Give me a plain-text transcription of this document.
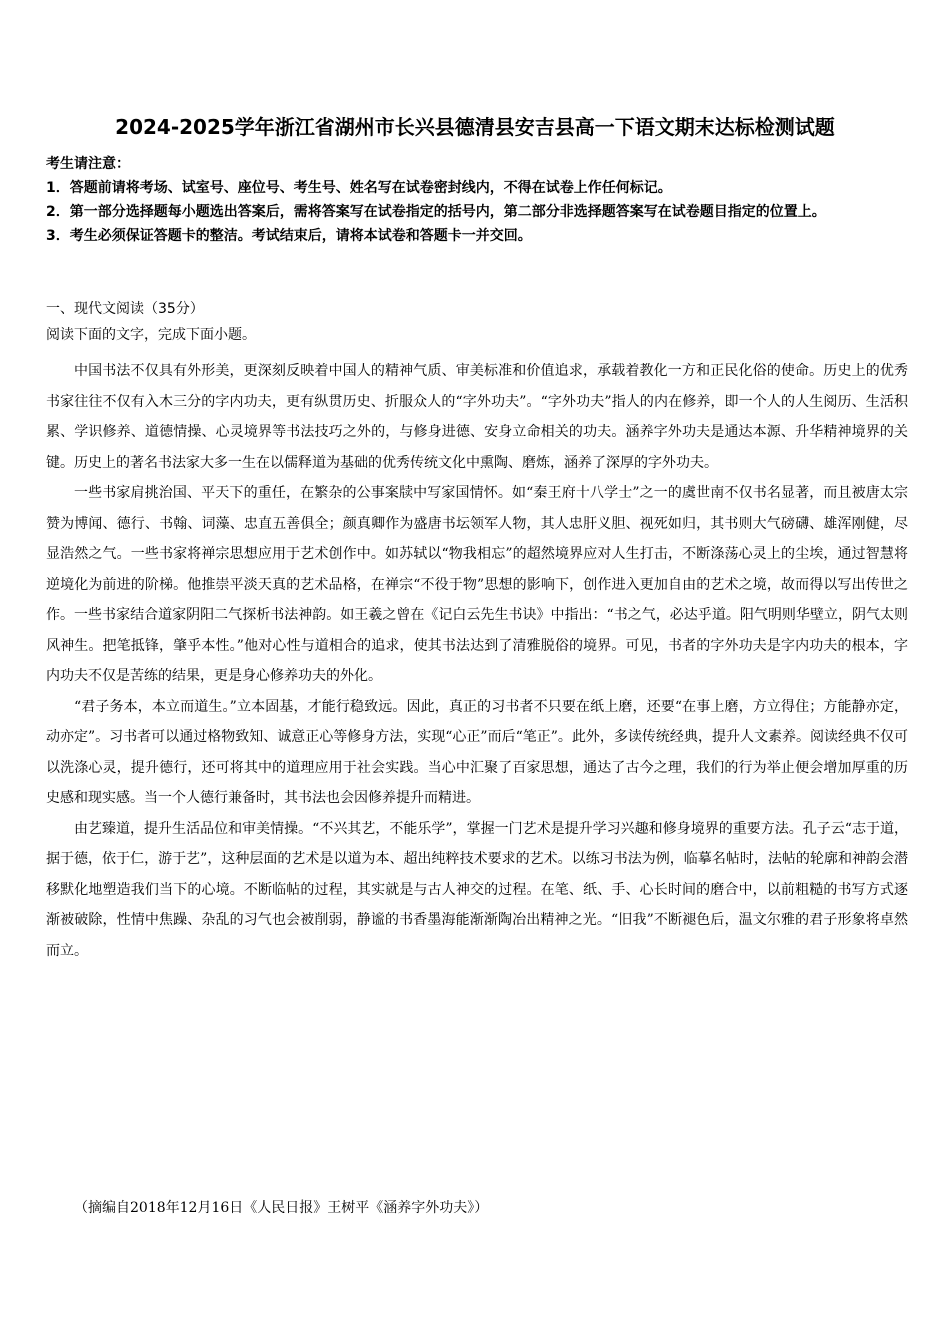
2024-2025学年浙江省湖州市长兴县德清县安吉县高一下语文期末达标检测试题
考生请注意：
1．答题前请将考场、试室号、座位号、考生号、姓名写在试卷密封线内，不得在试卷上作任何标记。
2．第一部分选择题每小题选出答案后，需将答案写在试卷指定的括号内，第二部分非选择题答案写在试卷题目指定的位置上。
3．考生必须保证答题卡的整洁。考试结束后，请将本试卷和答题卡一并交回。
一、现代文阅读（35分）
阅读下面的文字，完成下面小题。

中国书法不仅具有外形美，更深刻反映着中国人的精神气质、审美标准和价值追求，承载着教化一方和正民化俗的使命。历史上的优秀书家往往不仅有入木三分的字内功夫，更有纵贯历史、折服众人的“字外功夫”。“字外功夫”指人的内在修养，即一个人的人生阅历、生活积累、学识修养、道德情操、心灵境界等书法技巧之外的，与修身进德、安身立命相关的功夫。涵养字外功夫是通达本源、升华精神境界的关键。历史上的著名书法家大多一生在以儒释道为基础的优秀传统文化中熏陶、磨炼，涵养了深厚的字外功夫。

一些书家肩挑治国、平天下的重任，在繁杂的公事案牍中写家国情怀。如“秦王府十八学士”之一的虞世南不仅书名显著，而且被唐太宗赞为博闻、德行、书翰、词藻、忠直五善俱全；颜真卿作为盛唐书坛领军人物，其人忠肝义胆、视死如归，其书则大气磅礴、雄浑刚健，尽显浩然之气。一些书家将禅宗思想应用于艺术创作中。如苏轼以“物我相忘”的超然境界应对人生打击，不断涤荡心灵上的尘埃，通过智慧将逆境化为前进的阶梯。他推崇平淡天真的艺术品格，在禅宗“不役于物”思想的影响下，创作进入更加自由的艺术之境，故而得以写出传世之作。一些书家结合道家阴阳二气探析书法神韵。如王羲之曾在《记白云先生书诀》中指出：“书之气，必达乎道。阳气明则华壁立，阴气太则风神生。把笔抵锋，肇乎本性。”他对心性与道相合的追求，使其书法达到了清雅脱俗的境界。可见，书者的字外功夫是字内功夫的根本，字内功夫不仅是苦练的结果，更是身心修养功夫的外化。

“君子务本，本立而道生。”立本固基，才能行稳致远。因此，真正的习书者不只要在纸上磨，还要“在事上磨，方立得住；方能静亦定，动亦定”。习书者可以通过格物致知、诚意正心等修身方法，实现“心正”而后“笔正”。此外，多读传统经典，提升人文素养。阅读经典不仅可以洗涤心灵，提升德行，还可将其中的道理应用于社会实践。当心中汇聚了百家思想，通达了古今之理，我们的行为举止便会增加厚重的历史感和现实感。当一个人德行兼备时，其书法也会因修养提升而精进。

由艺臻道，提升生活品位和审美情操。“不兴其艺，不能乐学”，掌握一门艺术是提升学习兴趣和修身境界的重要方法。孔子云“志于道，据于德，依于仁，游于艺”，这种层面的艺术是以道为本、超出纯粹技术要求的艺术。以练习书法为例，临摹名帖时，法帖的轮廓和神韵会潜移默化地塑造我们当下的心境。不断临帖的过程，其实就是与古人神交的过程。在笔、纸、手、心长时间的磨合中，以前粗糙的书写方式逐渐被破除，性情中焦躁、杂乱的习气也会被削弱，静谧的书香墨海能渐渐陶冶出精神之光。“旧我”不断褪色后，温文尔雅的君子形象将卓然而立。

（摘编自2018年12月16日《人民日报》王树平《涵养字外功夫》）
